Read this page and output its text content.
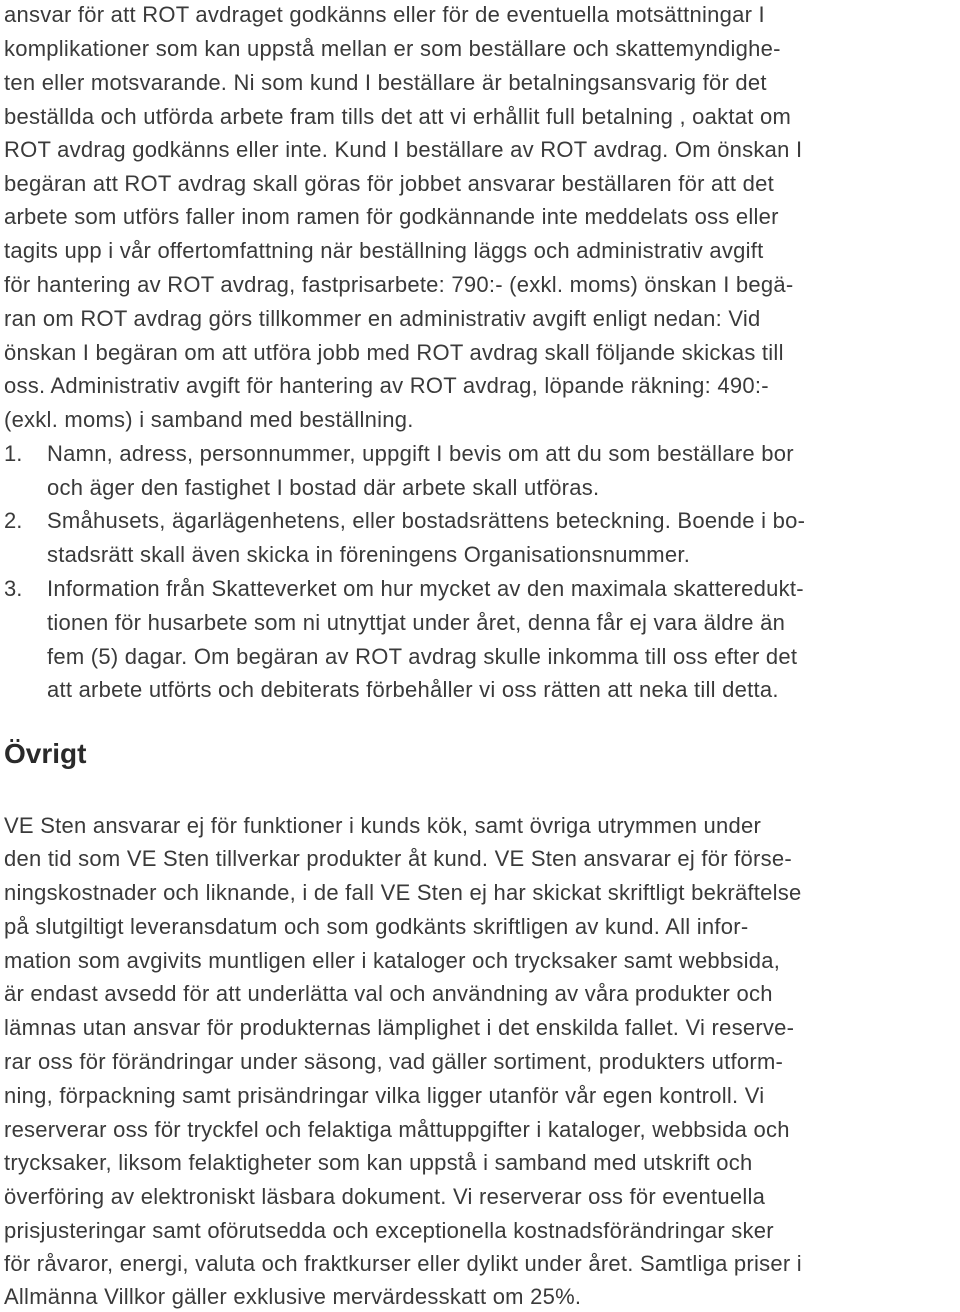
ansvar för att ROT avdraget godkänns eller för de eventuella motsättningar I
komplikationer som kan uppstå mellan er som beställare och skattemyndighe-
ten eller motsvarande. Ni som kund I beställare är betalningsansvarig för det
beställda och utförda arbete fram tills det att vi erhållit full betalning , oaktat om
ROT avdrag godkänns eller inte. Kund I beställare av ROT avdrag. Om önskan I
begäran att ROT avdrag skall göras för jobbet ansvarar beställaren för att det
arbete som utförs faller inom ramen för godkännande inte meddelats oss eller
tagits upp i vår offertomfattning när beställning läggs och administrativ avgift
för hantering av ROT avdrag, fastprisarbete: 790:- (exkl. moms) önskan I begä-
ran om ROT avdrag görs tillkommer en administrativ avgift enligt nedan: Vid
önskan I begäran om att utföra jobb med ROT avdrag skall följande skickas till
oss. Administrativ avgift för hantering av ROT avdrag, löpande räkning: 490:-
(exkl. moms) i samband med beställning.
1. Namn, adress, personnummer, uppgift I bevis om att du som beställare bor
och äger den fastighet I bostad där arbete skall utföras.
2. Småhusets, ägarlägenhetens, eller bostadsrättens beteckning. Boende i bo-
stadsrätt skall även skicka in föreningens Organisationsnummer.
3. Information från Skatteverket om hur mycket av den maximala skatteredukt-
tionen för husarbete som ni utnyttjat under året, denna får ej vara äldre än
fem (5) dagar. Om begäran av ROT avdrag skulle inkomma till oss efter det
att arbete utförts och debiterats förbehåller vi oss rätten att neka till detta.
Övrigt
VE Sten ansvarar ej för funktioner i kunds kök, samt övriga utrymmen under
den tid som VE Sten tillverkar produkter åt kund. VE Sten ansvarar ej för förse-
ningskostnader och liknande, i de fall VE Sten ej har skickat skriftligt bekräftelse
på slutgiltigt leveransdatum och som godkänts skriftligen av kund. All infor-
mation som avgivits muntligen eller i kataloger och trycksaker samt webbsida,
är endast avsedd för att underlätta val och användning av våra produkter och
lämnas utan ansvar för produkternas lämplighet i det enskilda fallet. Vi reserve-
rar oss för förändringar under säsong, vad gäller sortiment, produkters utform-
ning, förpackning samt prisändringar vilka ligger utanför vår egen kontroll. Vi
reserverar oss för tryckfel och felaktiga måttuppgifter i kataloger, webbsida och
trycksaker, liksom felaktigheter som kan uppstå i samband med utskrift och
överföring av elektroniskt läsbara dokument. Vi reserverar oss för eventuella
prisjusteringar samt oförutsedda och exceptionella kostnadsförändringar sker
för råvaror, energi, valuta och fraktkurser eller dylikt under året. Samtliga priser i
Allmänna Villkor gäller exklusive mervärdesskatt om 25%.
